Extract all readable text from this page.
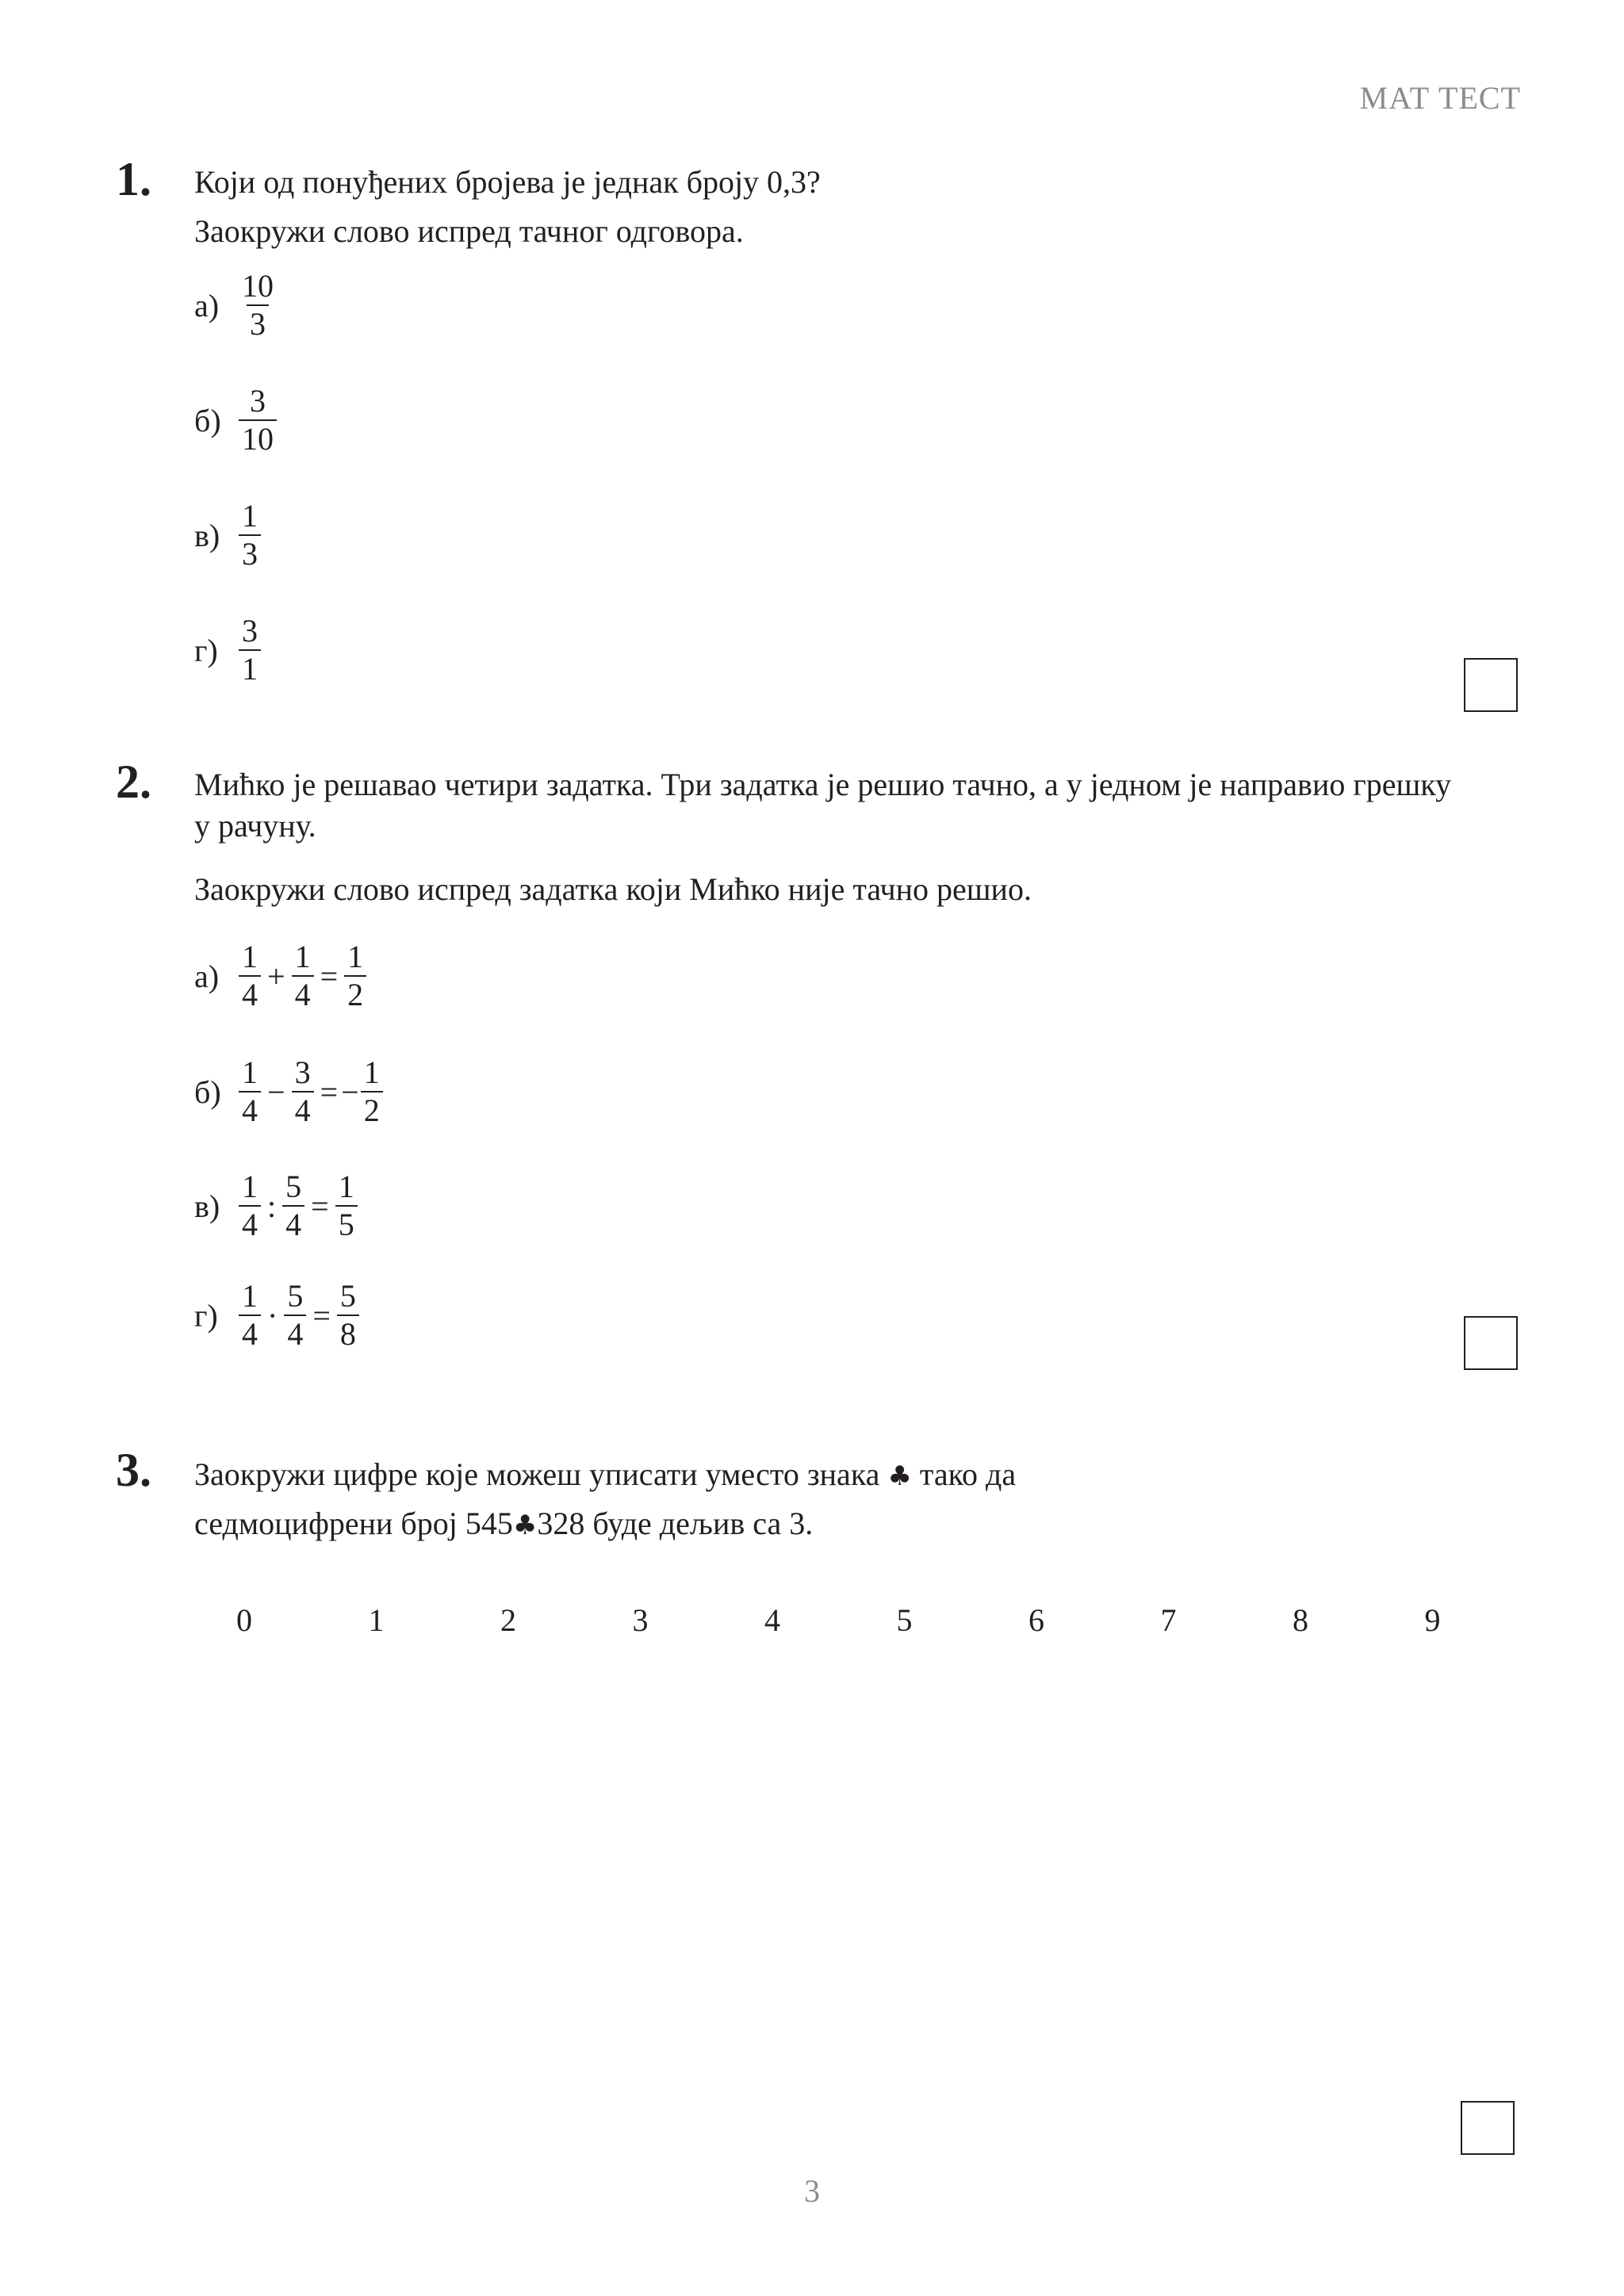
МАТ ТЕСТ
1. Који од понуђених бројева је једнак броју 0,3?
Заокружи слово испред тачног одговора.
$а) \frac{10}{3}$
$б) \frac{3}{10}$
$в) \frac{1}{3}$
$г) \frac{3}{1}$
2. Мићко је решавао четири задатка. Три задатка је решио тачно, а у једном је направио грешку
у рачуну.
Заокружи слово испред задатка који Мићко није тачно решио.
$а) \frac{1}{4} + \frac{1}{4} = \frac{1}{2}$
$б) \frac{1}{4} - \frac{3}{4}$ = − $\frac{1}{2}$
$в) \frac{1}{4}$ : $\frac{5}{4} = \frac{1}{5}$
$г) \frac{1}{4} \cdot \frac{5}{4} = \frac{5}{8}$
3. Заокружи цифре које можеш уписати уместо знака ♣ тако да
седмоцифрени број 545♣328 буде дељив са 3.
0	1	2	3	4	5	6	7	8	9
3
